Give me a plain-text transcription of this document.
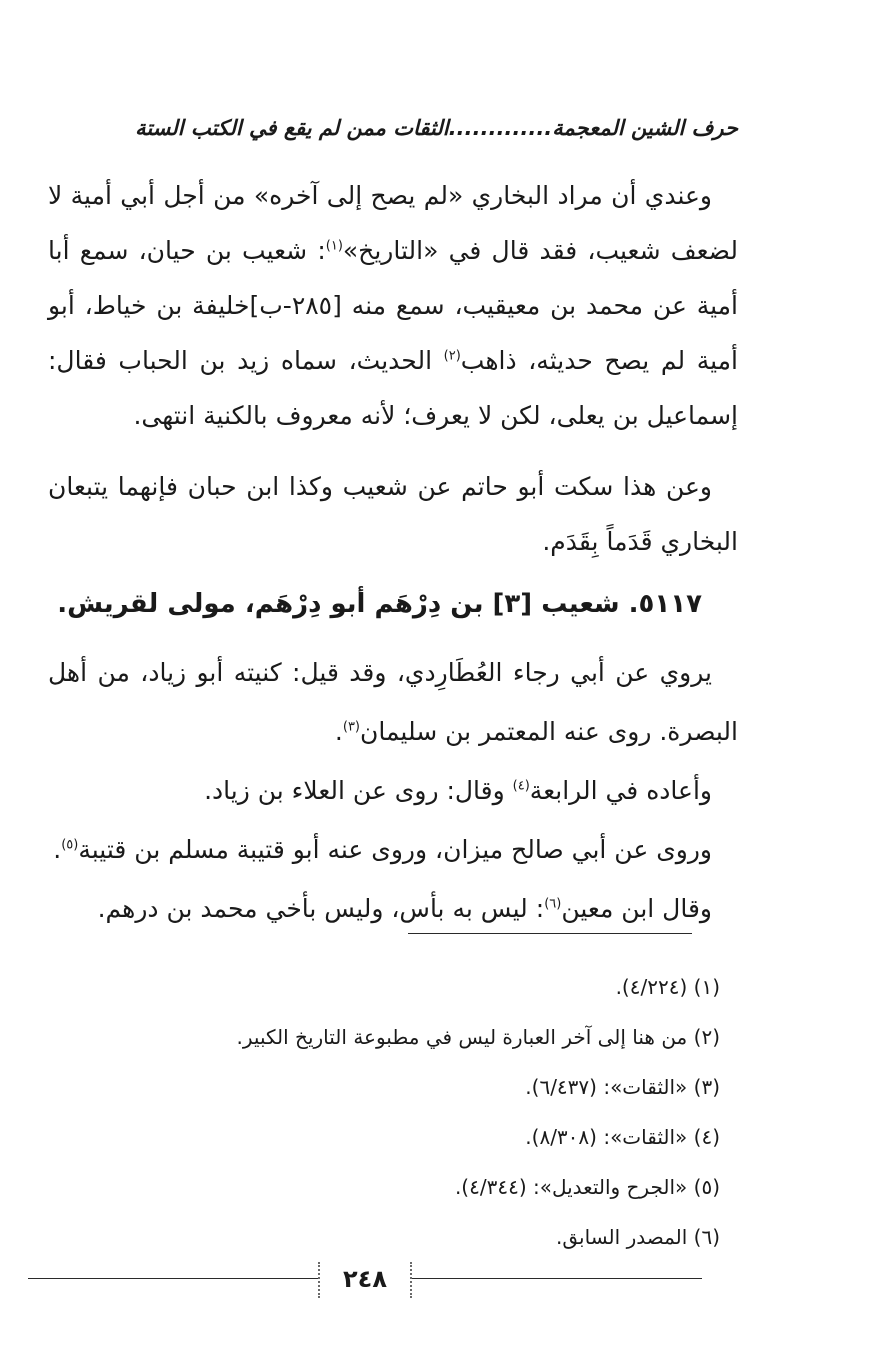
حرف الشين المعجمة.............الثقات ممن لم يقع في الكتب الستة

وعندي أن مراد البخاري «لم يصح إلى آخره» من أجل أبي أمية لا لضعف شعيب، فقد قال في «التاريخ»$^{(١)}$: شعيب بن حيان، سمع أبا أمية عن محمد بن معيقيب، سمع منه [٢٨٥-ب]خليفة بن خياط، أبو أمية لم يصح حديثه، ذاهب$^{(٢)}$ الحديث، سماه زيد بن الحباب فقال: إسماعيل بن يعلى، لكن لا يعرف؛ لأنه معروف بالكنية انتهى.

وعن هذا سكت أبو حاتم عن شعيب وكذا ابن حبان فإنهما يتبعان البخاري قَدَماً بِقَدَم.

٥١١٧. شعيب [٣] بن دِرْهَم أبو دِرْهَم، مولى لقريش.

يروي عن أبي رجاء العُطَارِدي، وقد قيل: كنيته أبو زياد، من أهل البصرة. روى عنه المعتمر بن سليمان$^{(٣)}$.

وأعاده في الرابعة$^{(٤)}$ وقال: روى عن العلاء بن زياد.

وروى عن أبي صالح ميزان، وروى عنه أبو قتيبة مسلم بن قتيبة$^{(٥)}$.

وقال ابن معين$^{(٦)}$: ليس به بأس، وليس بأخي محمد بن درهم.

(١) (٤/٢٢٤).

(٢) من هنا إلى آخر العبارة ليس في مطبوعة التاريخ الكبير.

(٣) «الثقات»: (٦/٤٣٧).

(٤) «الثقات»: (٨/٣٠٨).

(٥) «الجرح والتعديل»: (٤/٣٤٤).

(٦) المصدر السابق.

٢٤٨
